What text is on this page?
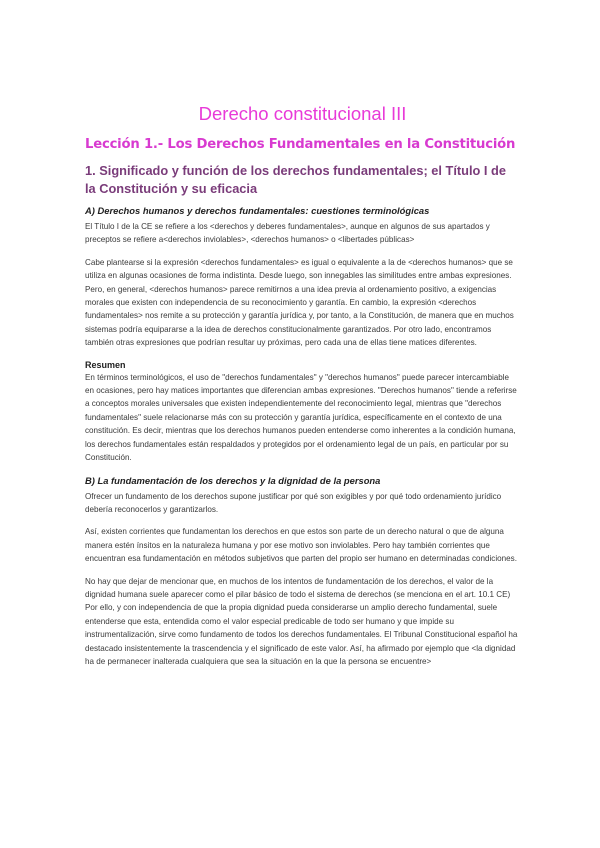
Derecho constitucional III
Lección 1.- Los Derechos Fundamentales en la Constitución
1. Significado y función de los derechos fundamentales; el Título I de la Constitución y su eficacia
A) Derechos humanos y derechos fundamentales: cuestiones terminológicas

El Título I de la CE se refiere a los <derechos y deberes fundamentales>, aunque en algunos de sus apartados y preceptos se refiere a<derechos inviolables>, <derechos humanos> o <libertades públicas>

Cabe plantearse si la expresión <derechos fundamentales> es igual o equivalente a la de <derechos humanos> que se utiliza en algunas ocasiones de forma indistinta. Desde luego, son innegables las similitudes entre ambas expresiones. Pero, en general, <derechos humanos> parece remitirnos a una idea previa al ordenamiento positivo, a exigencias morales que existen con independencia de su reconocimiento y garantía. En cambio, la expresión <derechos fundamentales> nos remite a su protección y garantía jurídica y, por tanto, a la Constitución, de manera que en muchos sistemas podría equipararse a la idea de derechos constitucionalmente garantizados. Por otro lado, encontramos también otras expresiones que podrían resultar uy próximas, pero cada una de ellas tiene matices diferentes.

Resumen

En términos terminológicos, el uso de "derechos fundamentales" y "derechos humanos" puede parecer intercambiable en ocasiones, pero hay matices importantes que diferencian ambas expresiones. "Derechos humanos" tiende a referirse a conceptos morales universales que existen independientemente del reconocimiento legal, mientras que "derechos fundamentales" suele relacionarse más con su protección y garantía jurídica, específicamente en el contexto de una constitución. Es decir, mientras que los derechos humanos pueden entenderse como inherentes a la condición humana, los derechos fundamentales están respaldados y protegidos por el ordenamiento legal de un país, en particular por su Constitución.

B) La fundamentación de los derechos y la dignidad de la persona

Ofrecer un fundamento de los derechos supone justificar por qué son exigibles y por qué todo ordenamiento jurídico debería reconocerlos y garantizarlos.

Así, existen corrientes que fundamentan los derechos en que estos son parte de un derecho natural o que de alguna manera estén ínsitos en la naturaleza humana y por ese motivo son inviolables. Pero hay también corrientes que encuentran esa fundamentación en métodos subjetivos que parten del propio ser humano en determinadas condiciones.

No hay que dejar de mencionar que, en muchos de los intentos de fundamentación de los derechos, el valor de la dignidad humana suele aparecer como el pilar básico de todo el sistema de derechos (se menciona en el art. 10.1 CE) Por ello, y con independencia de que la propia dignidad pueda considerarse un amplio derecho fundamental, suele entenderse que esta, entendida como el valor especial predicable de todo ser humano y que impide su instrumentalización, sirve como fundamento de todos los derechos fundamentales. El Tribunal Constitucional español ha destacado insistentemente la trascendencia y el significado de este valor. Así, ha afirmado por ejemplo que <la dignidad ha de permanecer inalterada cualquiera que sea la situación en la que la persona se encuentre>
